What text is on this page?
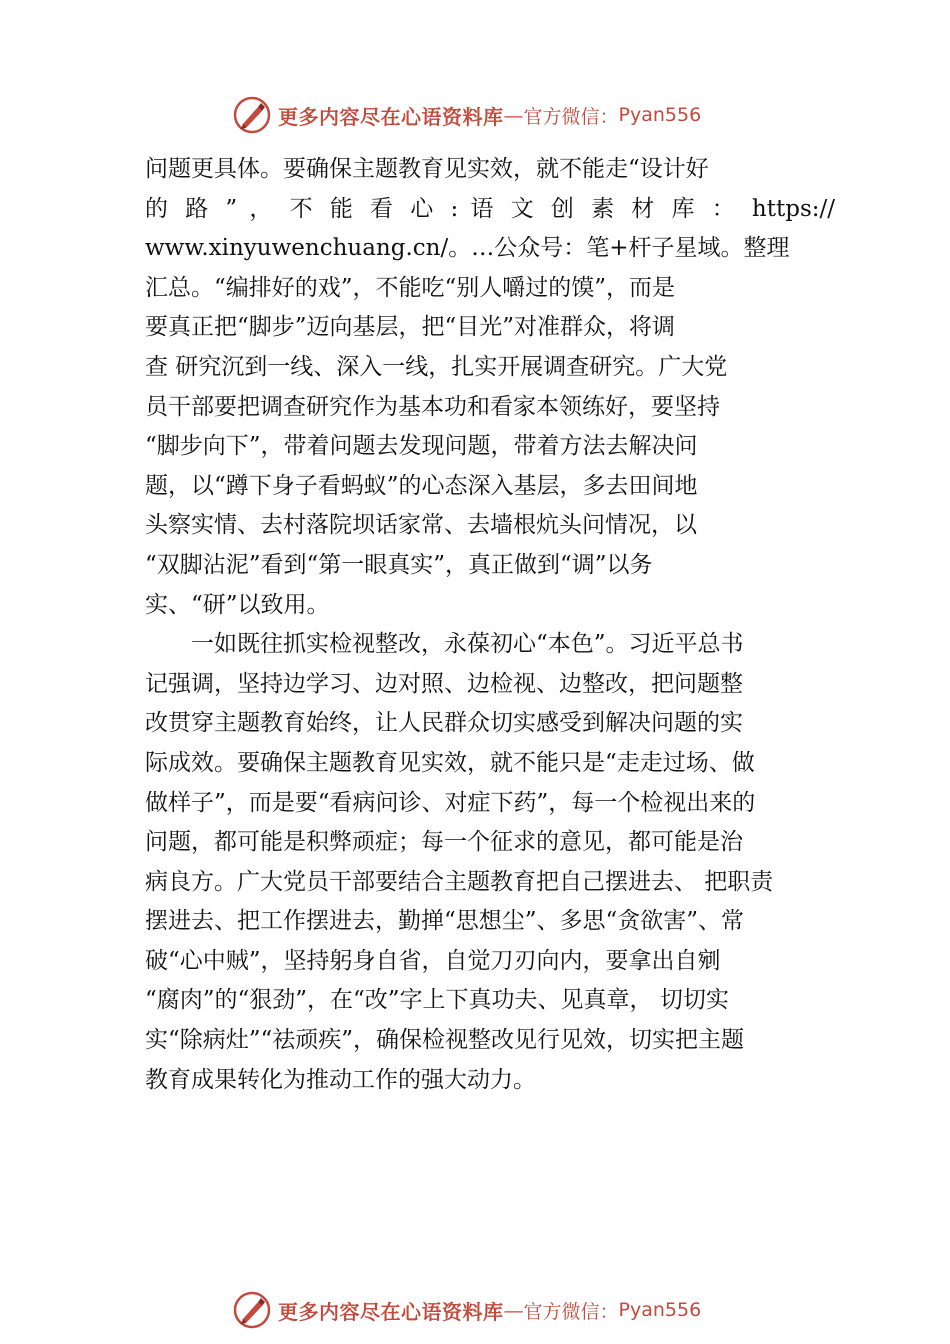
更多内容尽在心语资料库 — 官方微信： Pyan556
问题更具体。要确保主题教育见实效，就不能走“设计好
的 路 ” ， 不 能 看 心 : 语 文 创 素 材 库 ： https://
www.xinyuwenchuang.cn/。…公众号：笔+杆子星域。整理
汇总。“编排好的戏”，不能吃“别人嚼过的馍”，而是
要真正把“脚步”迈向基层，把“目光”对准群众，将调
查 研究沉到一线、深入一线，扎实开展调查研究。广大党
员干部要把调查研究作为基本功和看家本领练好，要坚持
“脚步向下”，带着问题去发现问题，带着方法去解决问
题，以“蹲下身子看蚂蚁”的心态深入基层，多去田间地
头察实情、去村落院坝话家常、去墙根炕头问情况，以
“双脚沾泥”看到“第一眼真实”，真正做到“调”以务
实、“研”以致用。
一如既往抓实检视整改，永葆初心“本色”。习近平总书
记强调，坚持边学习、边对照、边检视、边整改，把问题整
改贯穿主题教育始终，让人民群众切实感受到解决问题的实
际成效。要确保主题教育见实效，就不能只是“走走过场、做
做样子”，而是要“看病问诊、对症下药”，每一个检视出来的
问题，都可能是积弊顽症；每一个征求的意见，都可能是治
病良方。广大党员干部要结合主题教育把自己摆进去、 把职责
摆进去、把工作摆进去，勤掸“思想尘”、多思“贪欲害”、常
破“心中贼”，坚持躬身自省，自觉刀刃向内，要拿出自剜
“腐肉”的“狠劲”，在“改”字上下真功夫、见真章， 切切实
实“除病灶”“祛顽疾”，确保检视整改见行见效，切实把主题
教育成果转化为推动工作的强大动力。
更多内容尽在心语资料库 — 官方微信： Pyan556
